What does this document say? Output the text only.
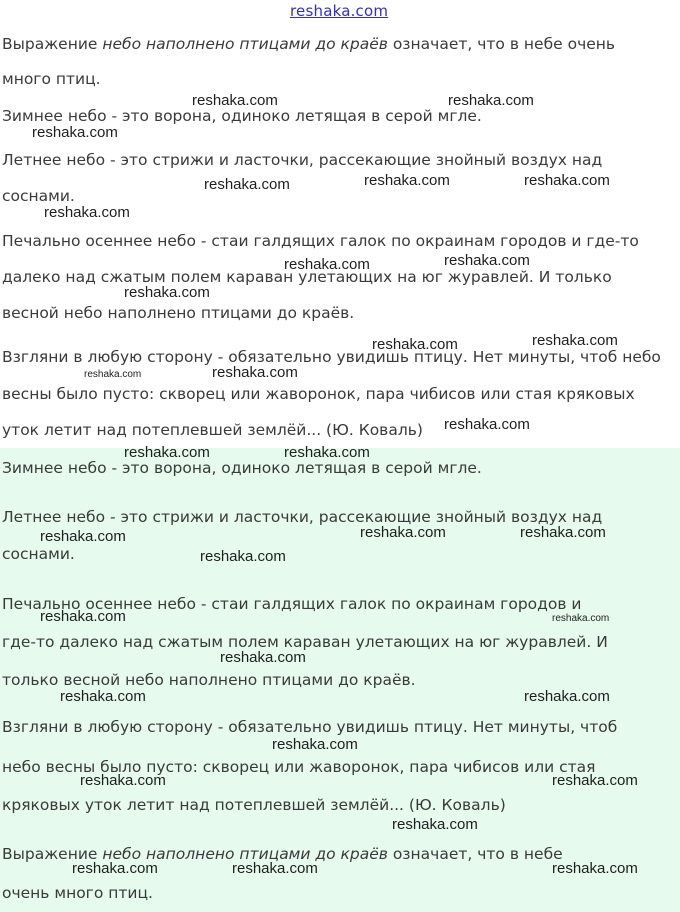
reshaka.com
Выражение небо наполнено птицами до краёв означает, что в небе очень
много птиц.
Зимнее небо - это ворона, одиноко летящая в серой мгле.
Летнее небо - это стрижи и ласточки, рассекающие знойный воздух над
соснами.
Печально осеннее небо - стаи галдящих галок по окраинам городов и где-то
далеко над сжатым полем караван улетающих на юг журавлей. И только
весной небо наполнено птицами до краёв.
Взгляни в любую сторону - обязательно увидишь птицу. Нет минуты, чтоб небо
весны было пусто: скворец или жаворонок, пара чибисов или стая кряковых
уток летит над потеплевшей землёй... (Ю. Коваль)
Зимнее небо - это ворона, одиноко летящая в серой мгле.
Летнее небо - это стрижи и ласточки, рассекающие знойный воздух над
соснами.
Печально осеннее небо - стаи галдящих галок по окраинам городов и
где-то далеко над сжатым полем караван улетающих на юг журавлей. И
только весной небо наполнено птицами до краёв.
Взгляни в любую сторону - обязательно увидишь птицу. Нет минуты, чтоб
небо весны было пусто: скворец или жаворонок, пара чибисов или стая
кряковых уток летит над потеплевшей землёй... (Ю. Коваль)
Выражение небо наполнено птицами до краёв означает, что в небе
очень много птиц.
reshaka.com	reshaka.com
reshaka.com
reshaka.com	reshaka.com	reshaka.com
reshaka.com
reshaka.com	reshaka.com
reshaka.com
reshaka.com	reshaka.com
reshaka.com	reshaka.com
reshaka.com
reshaka.com	reshaka.com
reshaka.com	reshaka.com	reshaka.com
reshaka.com
reshaka.com
reshaka.com
reshaka.com
reshaka.com	reshaka.com
reshaka.com
reshaka.com	reshaka.com
reshaka.com
reshaka.com	reshaka.com	reshaka.com
